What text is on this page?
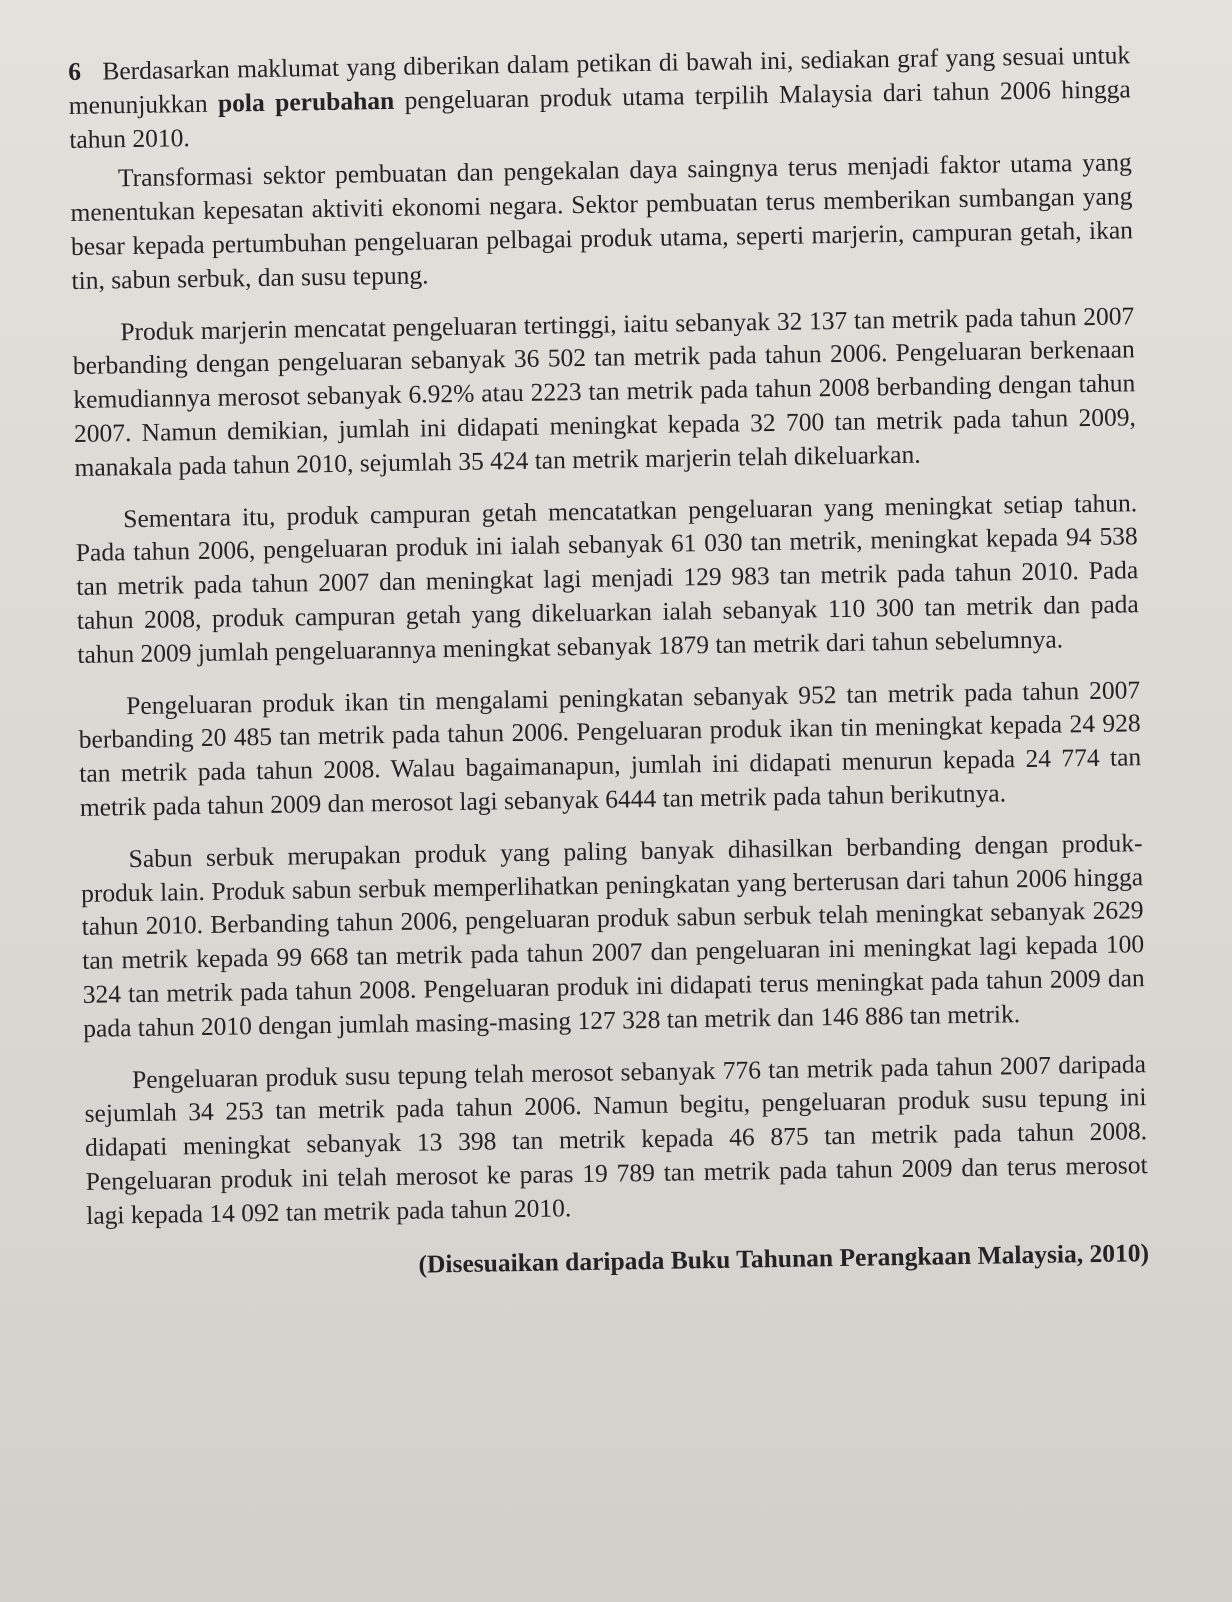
6 Berdasarkan maklumat yang diberikan dalam petikan di bawah ini, sediakan graf yang sesuai untuk menunjukkan pola perubahan pengeluaran produk utama terpilih Malaysia dari tahun 2006 hingga tahun 2010.

Transformasi sektor pembuatan dan pengekalan daya saingnya terus menjadi faktor utama yang menentukan kepesatan aktiviti ekonomi negara. Sektor pembuatan terus memberikan sumbangan yang besar kepada pertumbuhan pengeluaran pelbagai produk utama, seperti marjerin, campuran getah, ikan tin, sabun serbuk, dan susu tepung.

Produk marjerin mencatat pengeluaran tertinggi, iaitu sebanyak 32 137 tan metrik pada tahun 2007 berbanding dengan pengeluaran sebanyak 36 502 tan metrik pada tahun 2006. Pengeluaran berkenaan kemudiannya merosot sebanyak 6.92% atau 2223 tan metrik pada tahun 2008 berbanding dengan tahun 2007. Namun demikian, jumlah ini didapati meningkat kepada 32 700 tan metrik pada tahun 2009, manakala pada tahun 2010, sejumlah 35 424 tan metrik marjerin telah dikeluarkan.

Sementara itu, produk campuran getah mencatatkan pengeluaran yang meningkat setiap tahun. Pada tahun 2006, pengeluaran produk ini ialah sebanyak 61 030 tan metrik, meningkat kepada 94 538 tan metrik pada tahun 2007 dan meningkat lagi menjadi 129 983 tan metrik pada tahun 2010. Pada tahun 2008, produk campuran getah yang dikeluarkan ialah sebanyak 110 300 tan metrik dan pada tahun 2009 jumlah pengeluarannya meningkat sebanyak 1879 tan metrik dari tahun sebelumnya.

Pengeluaran produk ikan tin mengalami peningkatan sebanyak 952 tan metrik pada tahun 2007 berbanding 20 485 tan metrik pada tahun 2006. Pengeluaran produk ikan tin meningkat kepada 24 928 tan metrik pada tahun 2008. Walau bagaimanapun, jumlah ini didapati menurun kepada 24 774 tan metrik pada tahun 2009 dan merosot lagi sebanyak 6444 tan metrik pada tahun berikutnya.

Sabun serbuk merupakan produk yang paling banyak dihasilkan berbanding dengan produk-produk lain. Produk sabun serbuk memperlihatkan peningkatan yang berterusan dari tahun 2006 hingga tahun 2010. Berbanding tahun 2006, pengeluaran produk sabun serbuk telah meningkat sebanyak 2629 tan metrik kepada 99 668 tan metrik pada tahun 2007 dan pengeluaran ini meningkat lagi kepada 100 324 tan metrik pada tahun 2008. Pengeluaran produk ini didapati terus meningkat pada tahun 2009 dan pada tahun 2010 dengan jumlah masing-masing 127 328 tan metrik dan 146 886 tan metrik.

Pengeluaran produk susu tepung telah merosot sebanyak 776 tan metrik pada tahun 2007 daripada sejumlah 34 253 tan metrik pada tahun 2006. Namun begitu, pengeluaran produk susu tepung ini didapati meningkat sebanyak 13 398 tan metrik kepada 46 875 tan metrik pada tahun 2008. Pengeluaran produk ini telah merosot ke paras 19 789 tan metrik pada tahun 2009 dan terus merosot lagi kepada 14 092 tan metrik pada tahun 2010.

(Disesuaikan daripada Buku Tahunan Perangkaan Malaysia, 2010)
